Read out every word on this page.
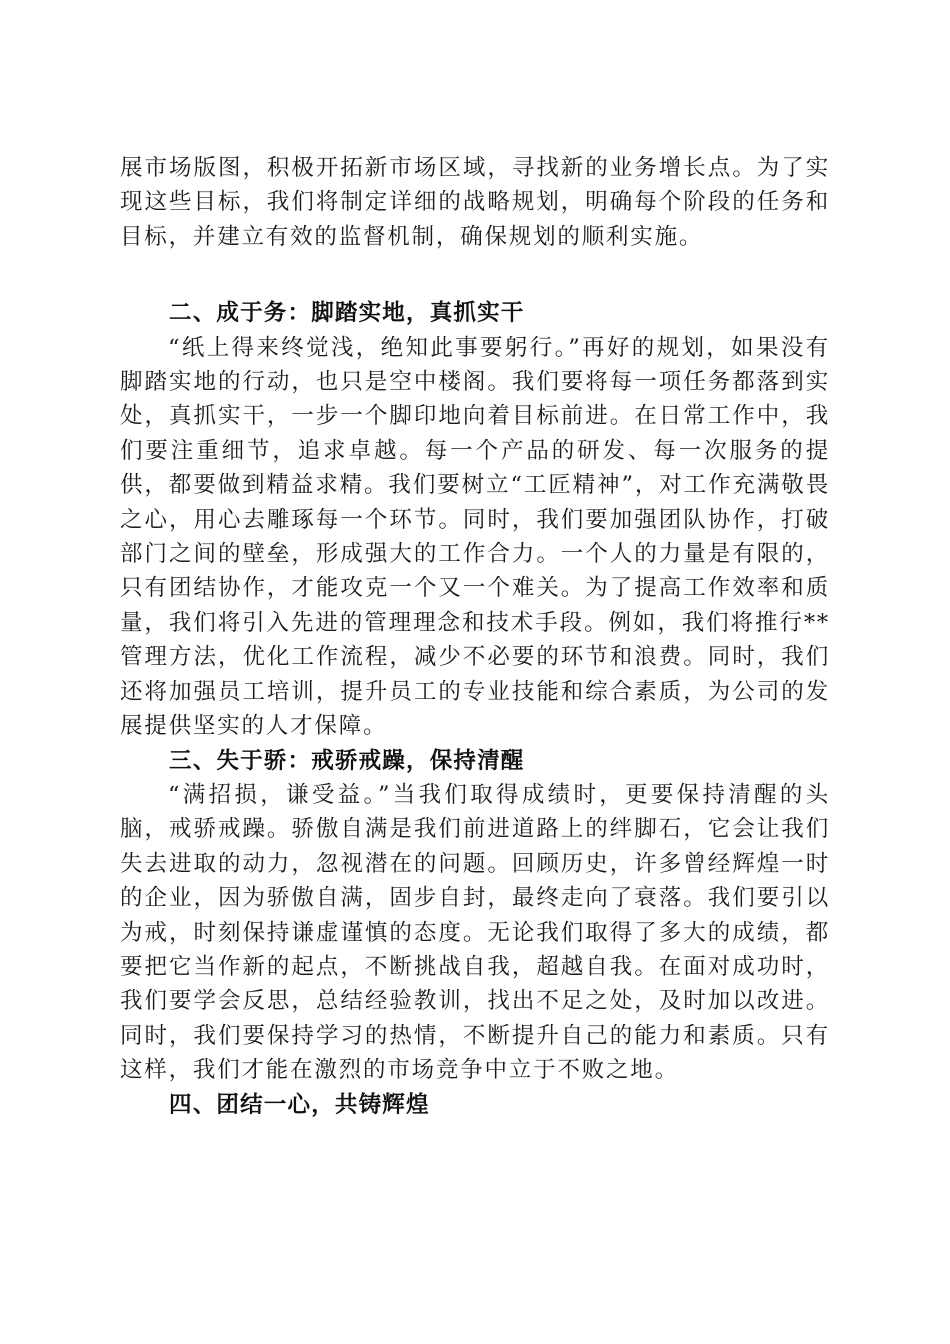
展市场版图，积极开拓新市场区域，寻找新的业务增长点。为了实现这些目标，我们将制定详细的战略规划，明确每个阶段的任务和目标，并建立有效的监督机制，确保规划的顺利实施。

二、成于务：脚踏实地，真抓实干

“纸上得来终觉浅，绝知此事要躬行。”再好的规划，如果没有脚踏实地的行动，也只是空中楼阁。我们要将每一项任务都落到实处，真抓实干，一步一个脚印地向着目标前进。在日常工作中，我们要注重细节，追求卓越。每一个产品的研发、每一次服务的提供，都要做到精益求精。我们要树立“工匠精神”，对工作充满敬畏之心，用心去雕琢每一个环节。同时，我们要加强团队协作，打破部门之间的壁垒，形成强大的工作合力。一个人的力量是有限的，只有团结协作，才能攻克一个又一个难关。为了提高工作效率和质量，我们将引入先进的管理理念和技术手段。例如，我们将推行**管理方法，优化工作流程，减少不必要的环节和浪费。同时，我们还将加强员工培训，提升员工的专业技能和综合素质，为公司的发展提供坚实的人才保障。

三、失于骄：戒骄戒躁，保持清醒

“满招损，谦受益。”当我们取得成绩时，更要保持清醒的头脑，戒骄戒躁。骄傲自满是我们前进道路上的绊脚石，它会让我们失去进取的动力，忽视潜在的问题。回顾历史，许多曾经辉煌一时的企业，因为骄傲自满，固步自封，最终走向了衰落。我们要引以为戒，时刻保持谦虚谨慎的态度。无论我们取得了多大的成绩，都要把它当作新的起点，不断挑战自我，超越自我。在面对成功时，我们要学会反思，总结经验教训，找出不足之处，及时加以改进。同时，我们要保持学习的热情，不断提升自己的能力和素质。只有这样，我们才能在激烈的市场竞争中立于不败之地。

四、团结一心，共铸辉煌
